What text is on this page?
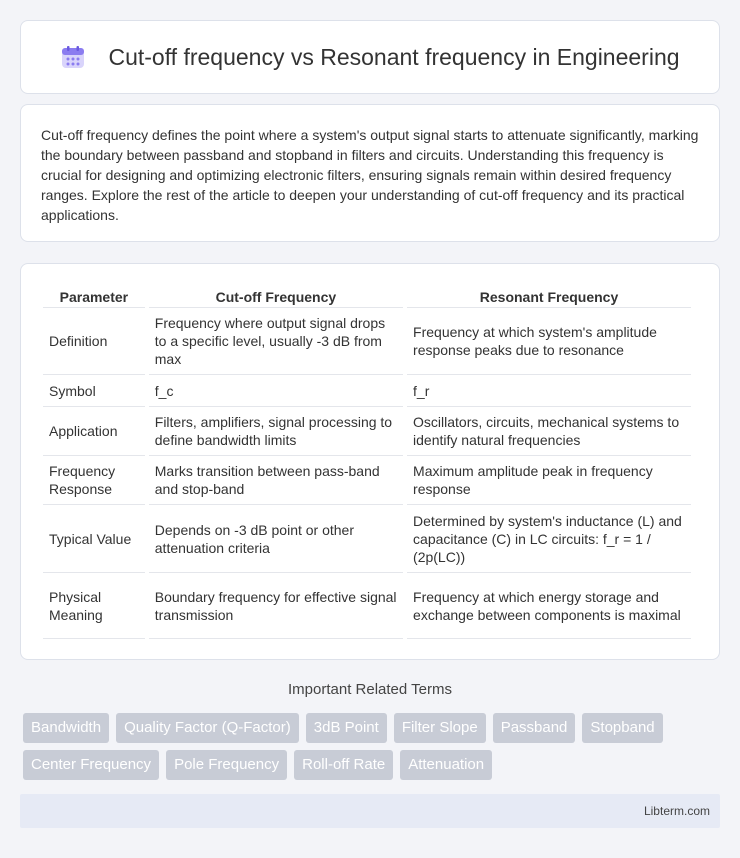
Cut-off frequency vs Resonant frequency in Engineering

Cut-off frequency defines the point where a system's output signal starts to attenuate significantly, marking the boundary between passband and stopband in filters and circuits. Understanding this frequency is crucial for designing and optimizing electronic filters, ensuring signals remain within desired frequency ranges. Explore the rest of the article to deepen your understanding of cut-off frequency and its practical applications.

Parameter	Cut-off Frequency	Resonant Frequency
Definition	Frequency where output signal drops to a specific level, usually -3 dB from max	Frequency at which system's amplitude response peaks due to resonance
Symbol	f_c	f_r
Application	Filters, amplifiers, signal processing to define bandwidth limits	Oscillators, circuits, mechanical systems to identify natural frequencies
Frequency Response	Marks transition between pass-band and stop-band	Maximum amplitude peak in frequency response
Typical Value	Depends on -3 dB point or other attenuation criteria	Determined by system's inductance (L) and capacitance (C) in LC circuits: f_r = 1 / (2p(LC))
Physical Meaning	Boundary frequency for effective signal transmission	Frequency at which energy storage and exchange between components is maximal
Important Related Terms
Bandwidth	Quality Factor (Q-Factor)	3dB Point	Filter Slope	Passband	Stopband
Center Frequency	Pole Frequency	Roll-off Rate	Attenuation
Libterm.com
